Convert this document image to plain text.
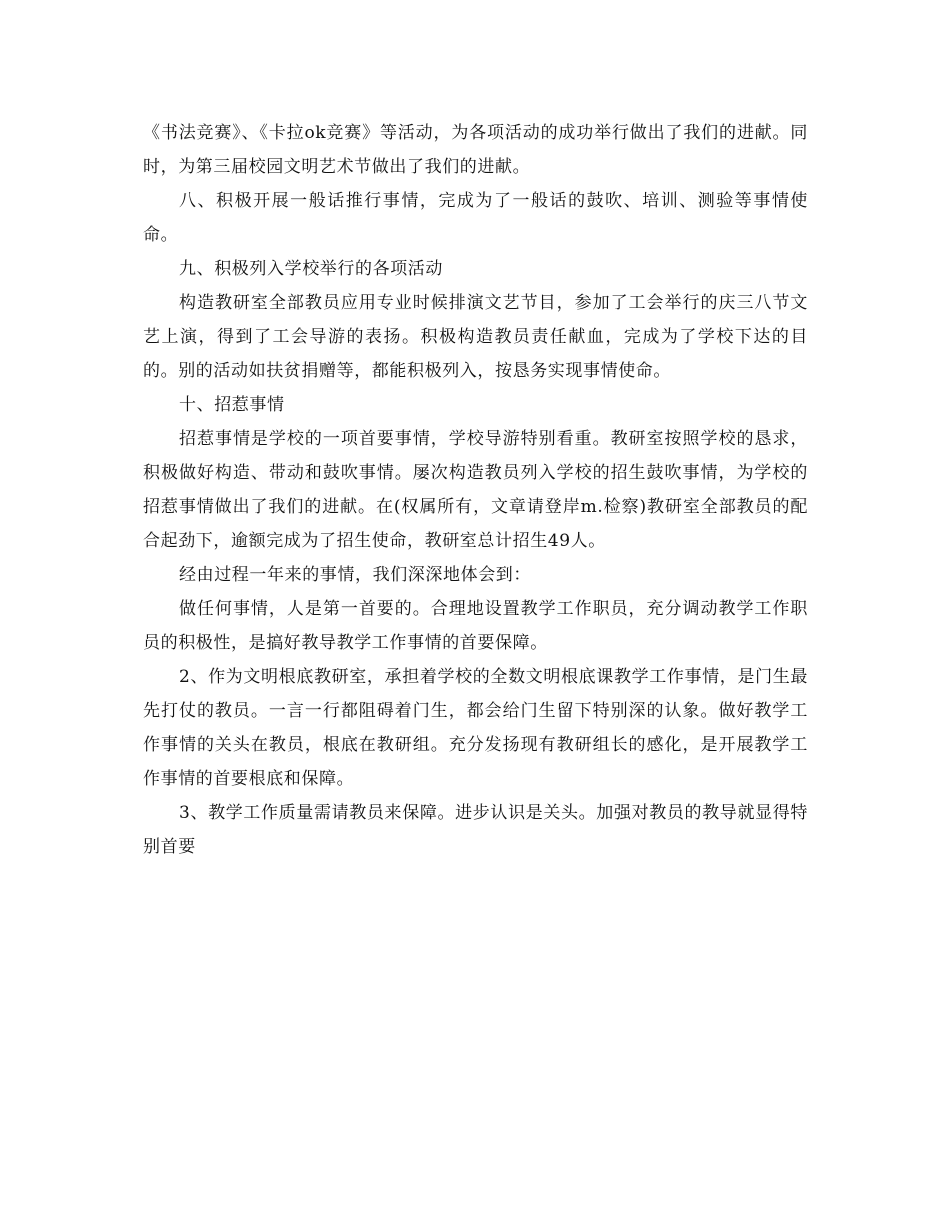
《书法竞赛》、《卡拉ok竞赛》等活动，为各项活动的成功举行做出了我们的进献。同时，为第三届校园文明艺术节做出了我们的进献。

八、积极开展一般话推行事情，完成为了一般话的鼓吹、培训、测验等事情使命。

九、积极列入学校举行的各项活动

构造教研室全部教员应用专业时候排演文艺节目，参加了工会举行的庆三八节文艺上演，得到了工会导游的表扬。积极构造教员责任献血，完成为了学校下达的目的。别的活动如扶贫捐赠等，都能积极列入，按恳务实现事情使命。

十、招惹事情

招惹事情是学校的一项首要事情，学校导游特别看重。教研室按照学校的恳求，积极做好构造、带动和鼓吹事情。屡次构造教员列入学校的招生鼓吹事情，为学校的招惹事情做出了我们的进献。在(权属所有，文章请登岸m.检察)教研室全部教员的配合起劲下，逾额完成为了招生使命，教研室总计招生49人。

经由过程一年来的事情，我们深深地体会到：

做任何事情，人是第一首要的。合理地设置教学工作职员，充分调动教学工作职员的积极性，是搞好教导教学工作事情的首要保障。

2、作为文明根底教研室，承担着学校的全数文明根底课教学工作事情，是门生最先打仗的教员。一言一行都阻碍着门生，都会给门生留下特别深的认象。做好教学工作事情的关头在教员，根底在教研组。充分发扬现有教研组长的感化，是开展教学工作事情的首要根底和保障。

3、教学工作质量需请教员来保障。进步认识是关头。加强对教员的教导就显得特别首要
